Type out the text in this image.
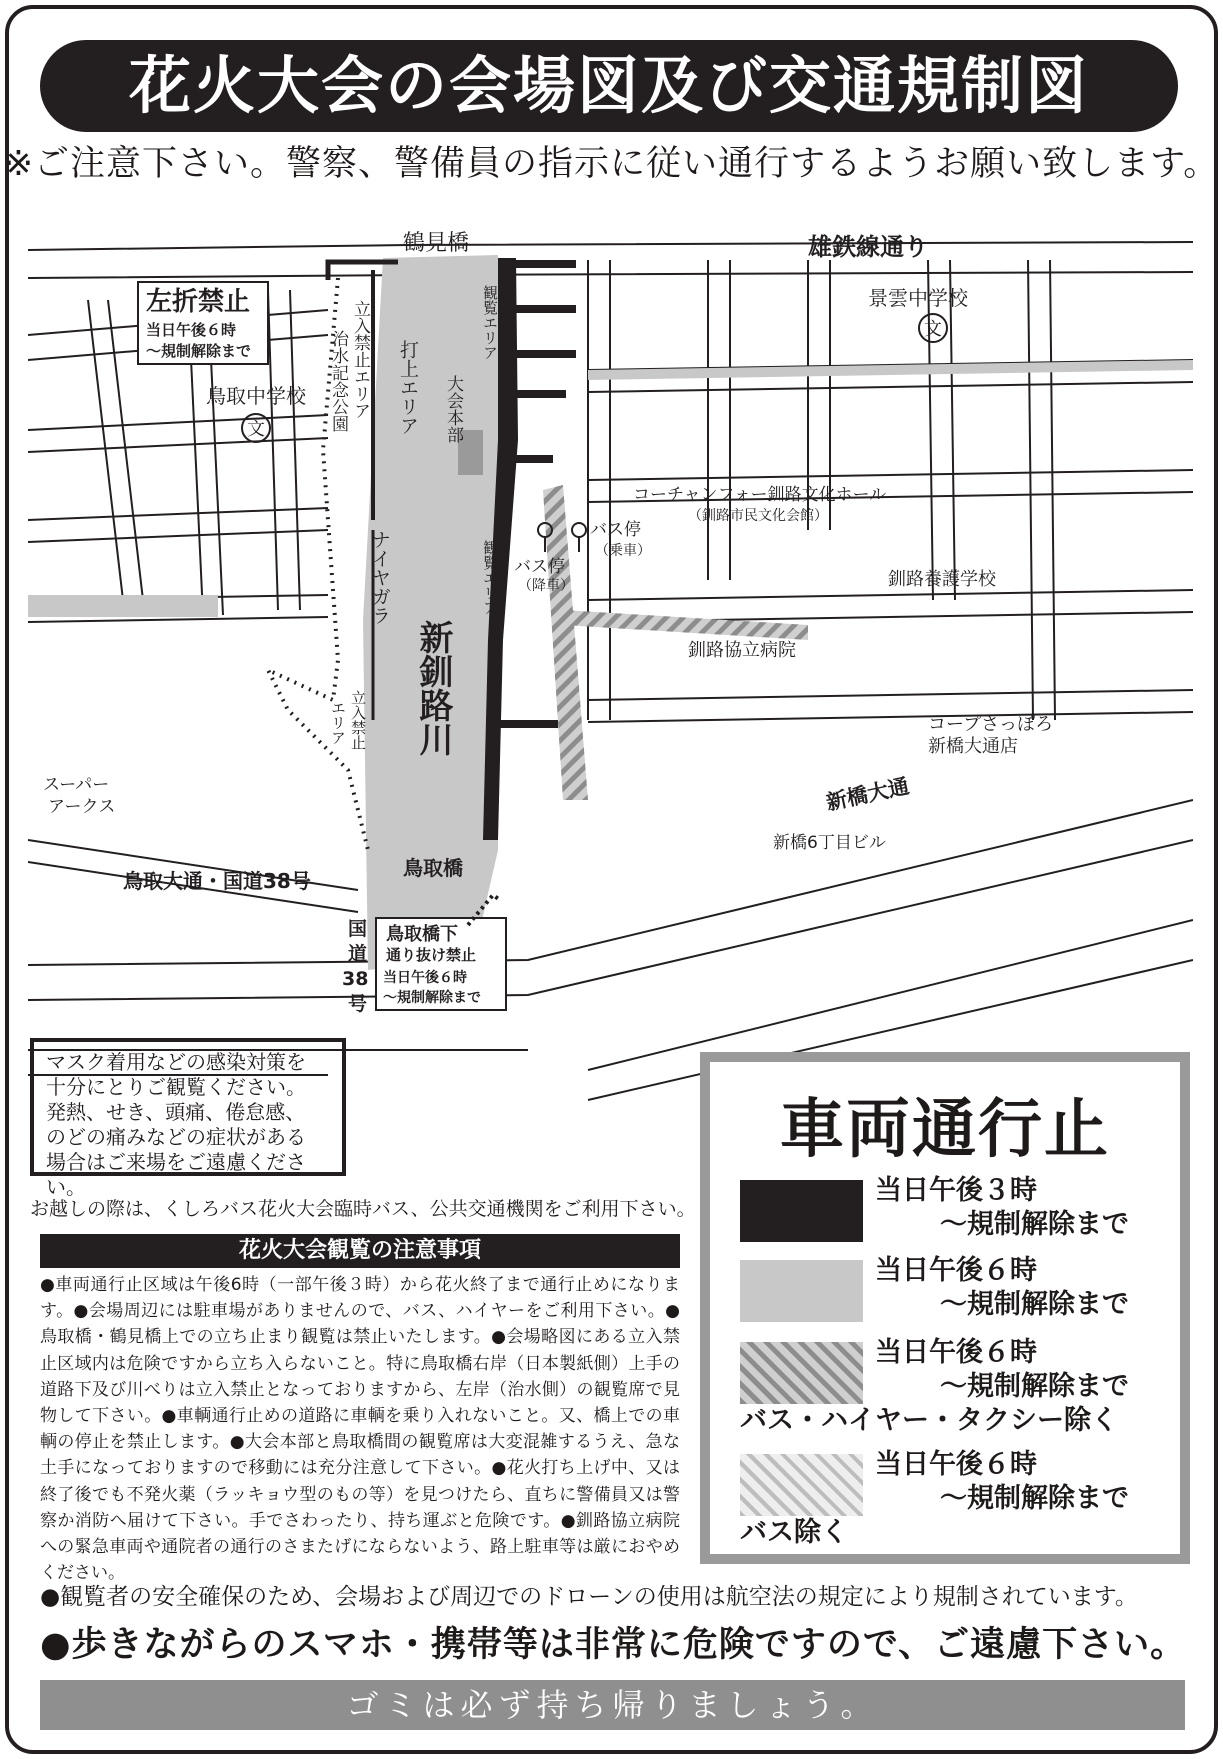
花火大会の会場図及び交通規制図
※ご注意下さい。警察、警備員の指示に従い通行するようお願い致します。
鶴見橋	雄鉄線通り
景雲中学校
文
鳥取中学校
文
左折禁止
当日午後６時
～規制解除まで	立入禁止エリア
治水記念公園	打上エリア 大会本部
観覧エリア
観覧エリア
ナイヤガラ
新釧路川
立入禁止
エリア
コーチャンフォー釧路文化ホール
（釧路市民文化会館）
バス停
（乗車）
バス停
（降車）	釧路養護学校
釧路協立病院
コープさっぽろ
新橋大通店
スーパー
アークス	新橋大通
新橋6丁目ビル
鳥取橋
鳥取大通・国道38号
国
道
38
号
鳥取橋下
通り抜け禁止
当日午後６時
～規制解除まで
マスク着用などの感染対策を
十分にとりご観覧ください。
発熱、せき、頭痛、倦怠感、
のどの痛みなどの症状がある
場合はご来場をご遠慮ください。
お越しの際は、くしろバス花火大会臨時バス、公共交通機関をご利用下さい。
花火大会観覧の注意事項
●車両通行止区域は午後6時（一部午後３時）から花火終了まで通行止めになります。●会場周辺には駐車場がありませんので、バス、ハイヤーをご利用下さい。●鳥取橋・鶴見橋上での立ち止まり観覧は禁止いたします。●会場略図にある立入禁止区域内は危険ですから立ち入らないこと。特に鳥取橋右岸（日本製紙側）上手の道路下及び川べりは立入禁止となっておりますから、左岸（治水側）の観覧席で見物して下さい。●車輌通行止めの道路に車輌を乗り入れないこと。又、橋上での車輌の停止を禁止します。●大会本部と鳥取橋間の観覧席は大変混雑するうえ、急な土手になっておりますので移動には充分注意して下さい。●花火打ち上げ中、又は終了後でも不発火薬（ラッキョウ型のもの等）を見つけたら、直ちに警備員又は警察か消防へ届けて下さい。手でさわったり、持ち運ぶと危険です。●釧路協立病院への緊急車両や通院者の通行のさまたげにならないよう、路上駐車等は厳におやめください。
車両通行止
当日午後３時
～規制解除まで
当日午後６時
～規制解除まで
当日午後６時
～規制解除まで
バス・ハイヤー・タクシー除く
当日午後６時
～規制解除まで
バス除く
●観覧者の安全確保のため、会場および周辺でのドローンの使用は航空法の規定により規制されています。
●歩きながらのスマホ・携帯等は非常に危険ですので、ご遠慮下さい。
ゴミは必ず持ち帰りましょう。
